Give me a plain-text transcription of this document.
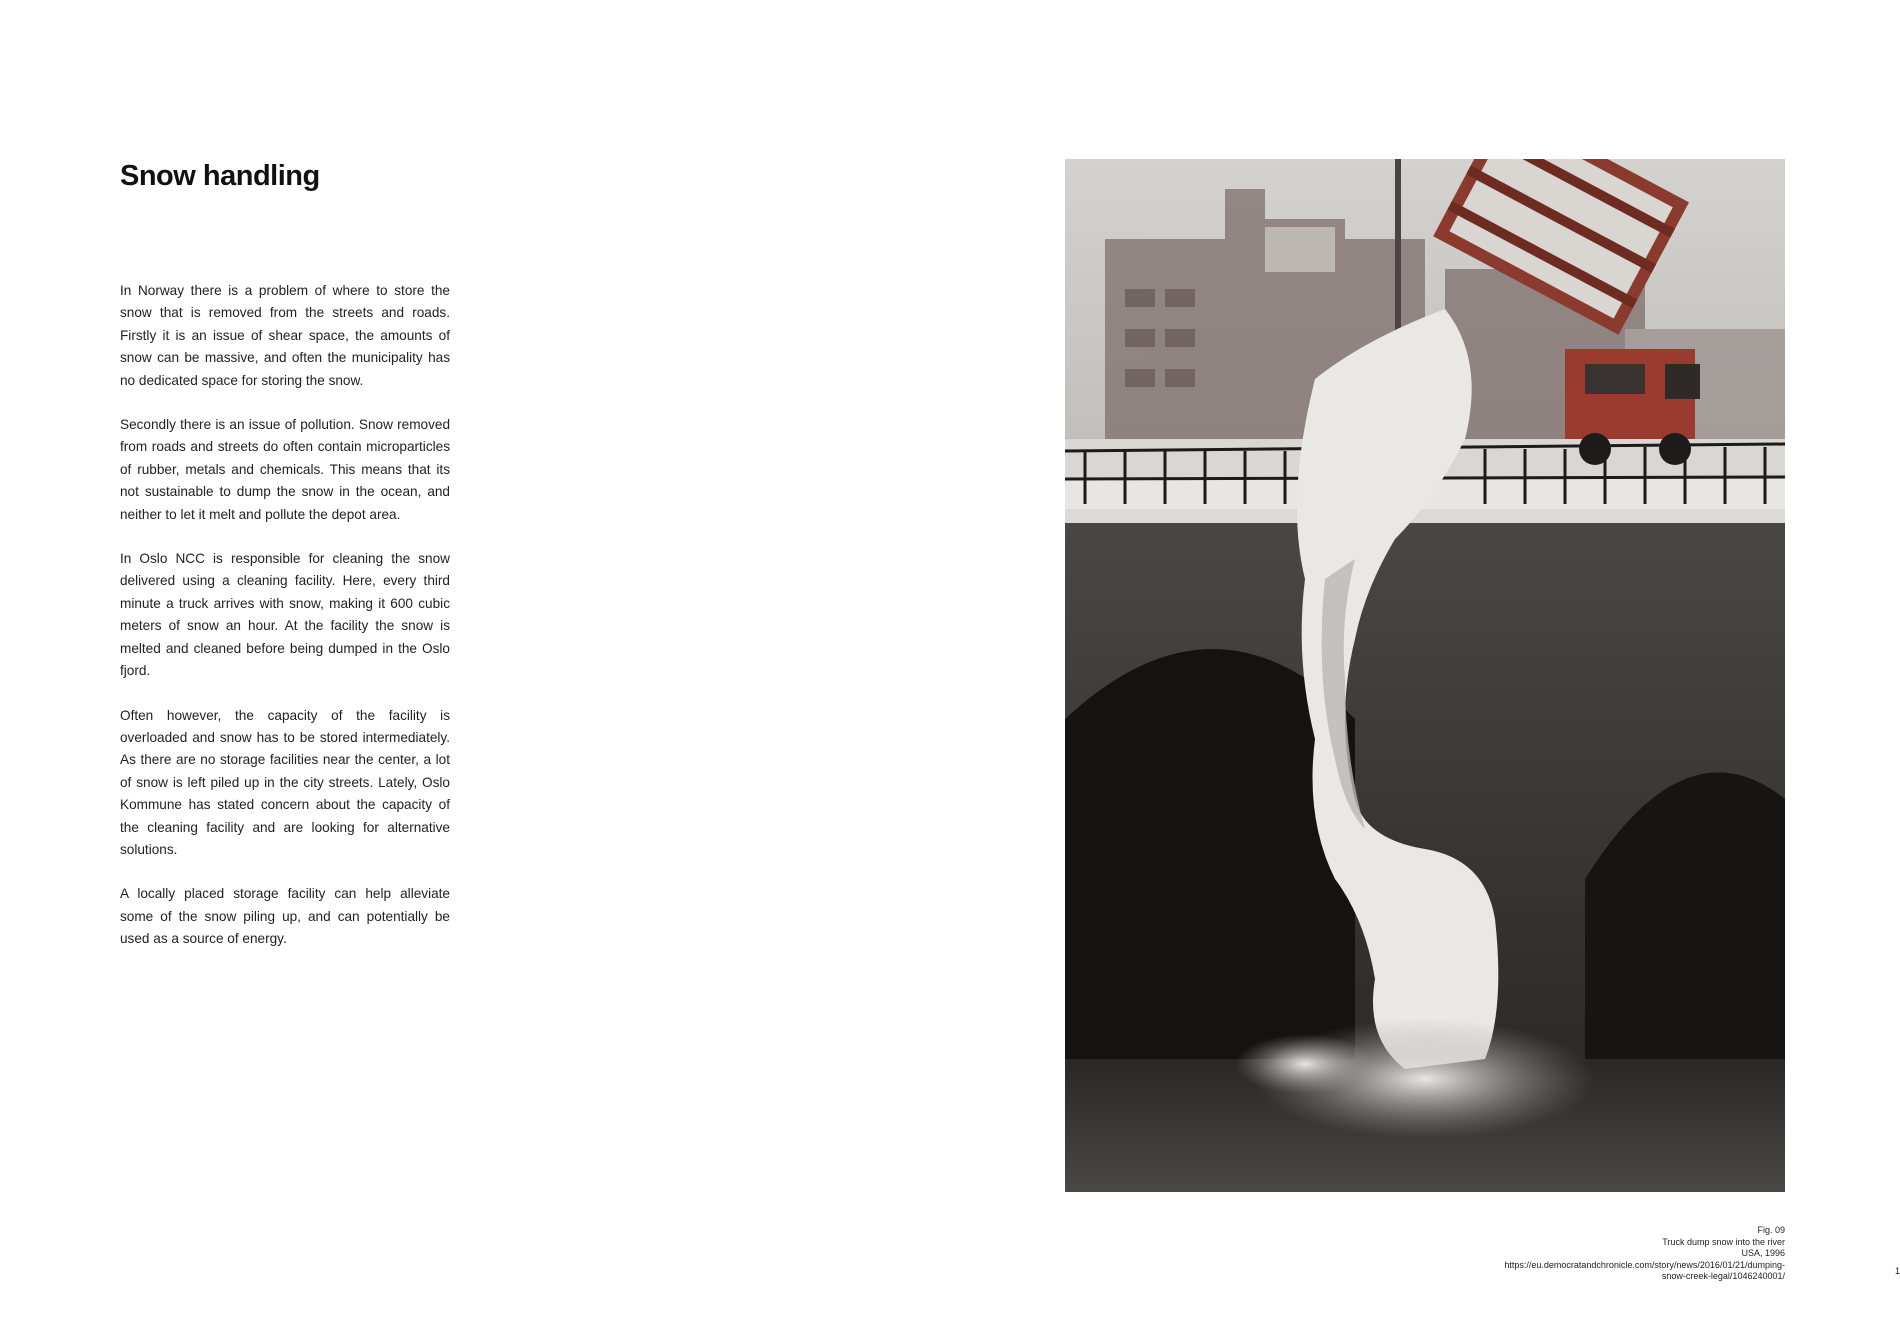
Snow handling

In Norway there is a problem of where to store the snow that is removed from the streets and roads. Firstly it is an issue of shear space, the amounts of snow can be massive, and often the municipality has no dedicated space for storing the snow.

Secondly there is an issue of pollution. Snow removed from roads and streets do often contain microparticles of rubber, metals and chemicals. This means that its not sustainable to dump the snow in the ocean, and neither to let it melt and pollute the depot area.

In Oslo NCC is responsible for cleaning the snow delivered using a cleaning facility. Here, every third minute a truck arrives with snow, making it 600 cubic meters of snow an hour. At the facility the snow is melted and cleaned before being dumped in the Oslo fjord.

Often however, the capacity of the facility is overloaded and snow has to be stored intermediately. As there are no storage facilities near the center, a lot of snow is left piled up in the city streets. Lately, Oslo Kommune has stated concern about the capacity of the cleaning facility and are looking for alternative solutions.

A locally placed storage facility can help alleviate some of the snow piling up, and can potentially be used as a source of energy.

Fig. 09
Truck dump snow into the river
USA, 1996
https://eu.democratandchronicle.com/story/news/2016/01/21/dumping-
snow-creek-legal/1046240001/	1
